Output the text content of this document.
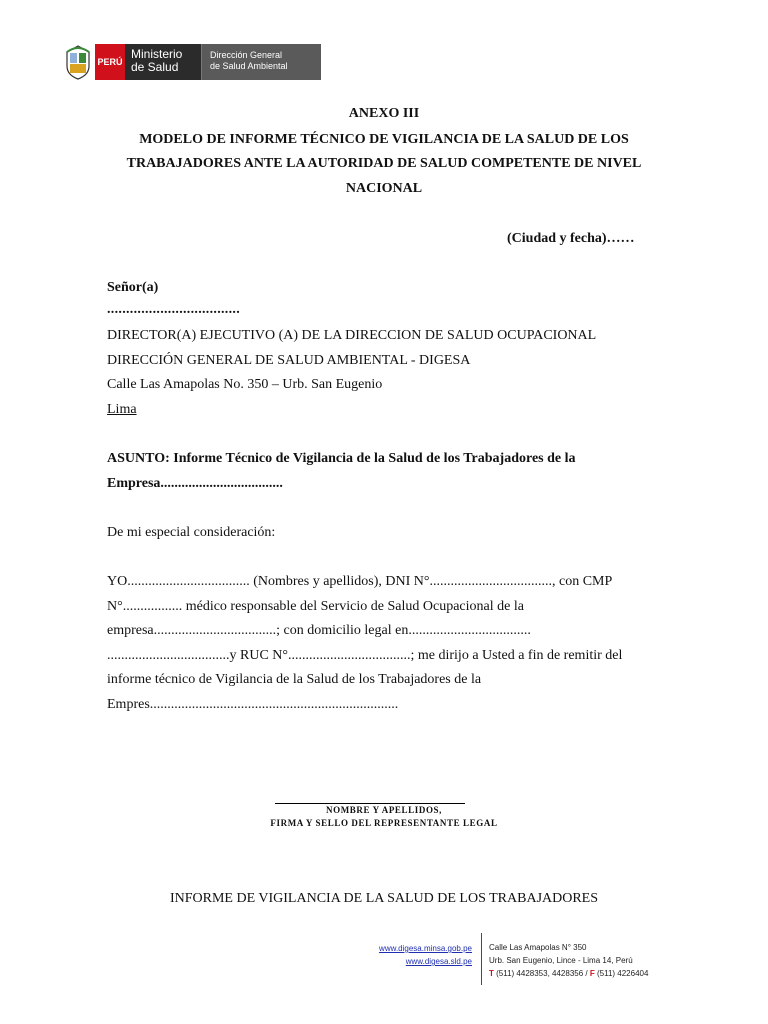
PERÚ
Ministerio
de Salud
Dirección General
de Salud Ambiental
ANEXO III
MODELO DE INFORME TÉCNICO DE VIGILANCIA DE LA SALUD DE LOS
TRABAJADORES ANTE LA AUTORIDAD DE SALUD COMPETENTE DE NIVEL
NACIONAL
(Ciudad y fecha)……
Señor(a)
...................................
DIRECTOR(A) EJECUTIVO (A) DE LA DIRECCION DE SALUD OCUPACIONAL
DIRECCIÓN GENERAL DE SALUD AMBIENTAL - DIGESA
Calle Las Amapolas No. 350 – Urb. San Eugenio
Lima
ASUNTO: Informe Técnico de Vigilancia de la Salud de los Trabajadores de la
Empresa...................................
De mi especial consideración:
YO................................... (Nombres y apellidos), DNI N°..................................., con CMP
N°................. médico responsable del Servicio de Salud Ocupacional de la
empresa...................................; con domicilio legal en...................................
...................................y RUC N°...................................; me dirijo a Usted a fin de remitir del
informe técnico de Vigilancia de la Salud de los Trabajadores de la
Empres.......................................................................
NOMBRE Y APELLIDOS,
FIRMA Y SELLO DEL REPRESENTANTE LEGAL
INFORME DE VIGILANCIA DE LA SALUD DE LOS TRABAJADORES
www.digesa.minsa.gob.pe
www.digesa.sld.pe
Calle Las Amapolas N° 350
Urb. San Eugenio, Lince - Lima 14, Perú
T (511) 4428353, 4428356 / F (511) 4226404
